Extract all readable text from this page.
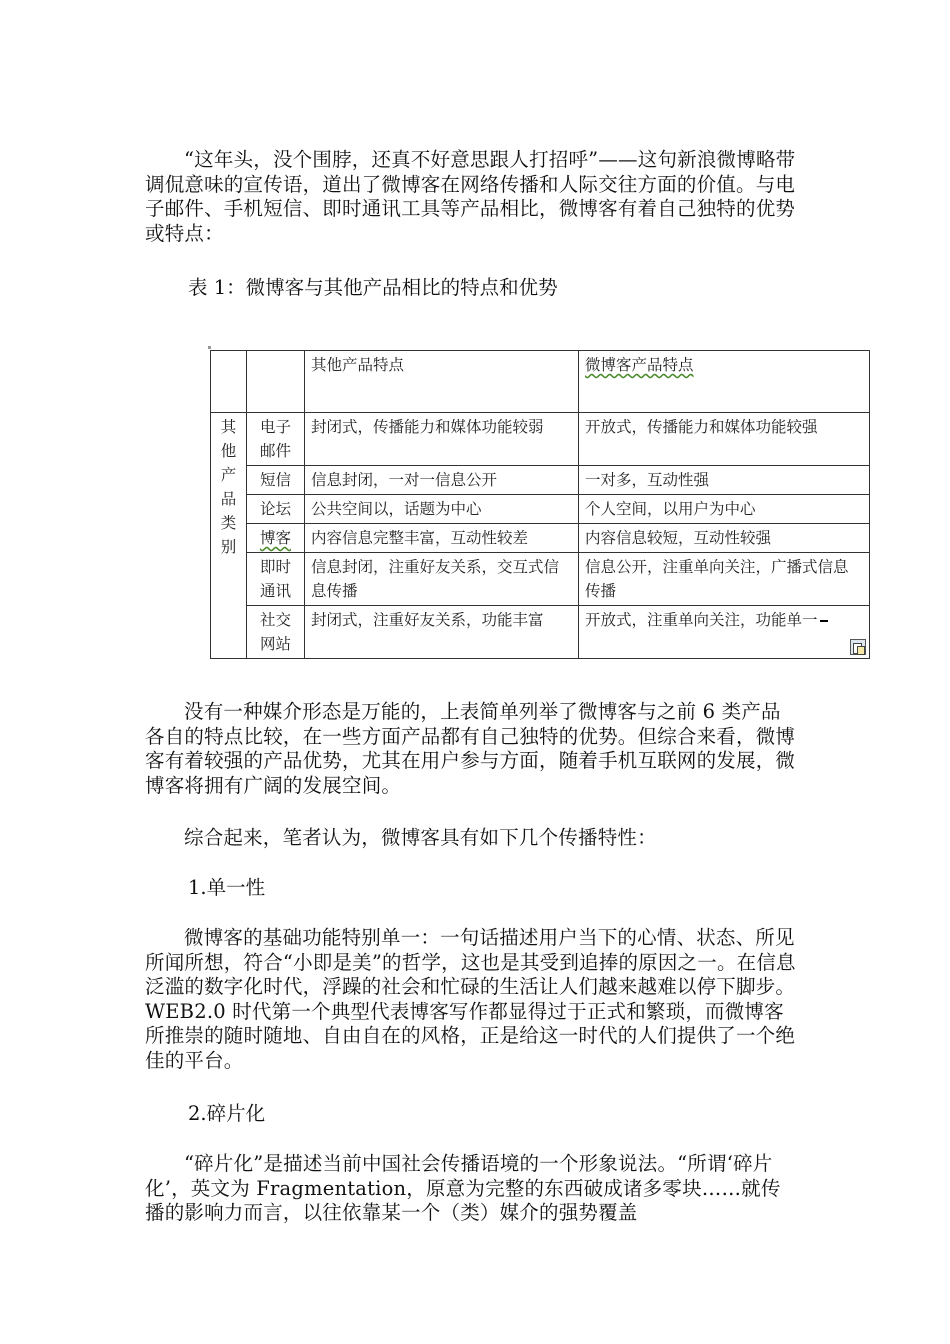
“这年头，没个围脖，还真不好意思跟人打招呼”——这句新浪微博略带调侃意味的宣传语，道出了微博客在网络传播和人际交往方面的价值。与电子邮件、手机短信、即时通讯工具等产品相比，微博客有着自己独特的优势或特点：

表 1：微博客与其他产品相比的特点和优势

		其他产品特点	微博客产品特点

其他产品类别	电子邮件	封闭式，传播能力和媒体功能较弱	开放式，传播能力和媒体功能较强
	短信	信息封闭，一对一信息公开	一对多，互动性强
	论坛	公共空间以，话题为中心	个人空间，以用户为中心
	博客	内容信息完整丰富，互动性较差	内容信息较短，互动性较强
	即时通讯	信息封闭，注重好友关系，交互式信息传播	信息公开，注重单向关注，广播式信息传播
	社交网站	封闭式，注重好友关系，功能丰富	开放式，注重单向关注，功能单一

没有一种媒介形态是万能的，上表简单列举了微博客与之前 6 类产品各自的特点比较，在一些方面产品都有自己独特的优势。但综合来看，微博客有着较强的产品优势，尤其在用户参与方面，随着手机互联网的发展，微博客将拥有广阔的发展空间。

综合起来，笔者认为，微博客具有如下几个传播特性：

1.单一性

微博客的基础功能特别单一：一句话描述用户当下的心情、状态、所见所闻所想，符合“小即是美”的哲学，这也是其受到追捧的原因之一。在信息泛滥的数字化时代，浮躁的社会和忙碌的生活让人们越来越难以停下脚步。WEB2.0 时代第一个典型代表博客写作都显得过于正式和繁琐，而微博客所推崇的随时随地、自由自在的风格，正是给这一时代的人们提供了一个绝佳的平台。

2.碎片化

“碎片化”是描述当前中国社会传播语境的一个形象说法。“所谓‘碎片化’，英文为 Fragmentation，原意为完整的东西破成诸多零块……就传播的影响力而言，以往依靠某一个（类）媒介的强势覆盖
